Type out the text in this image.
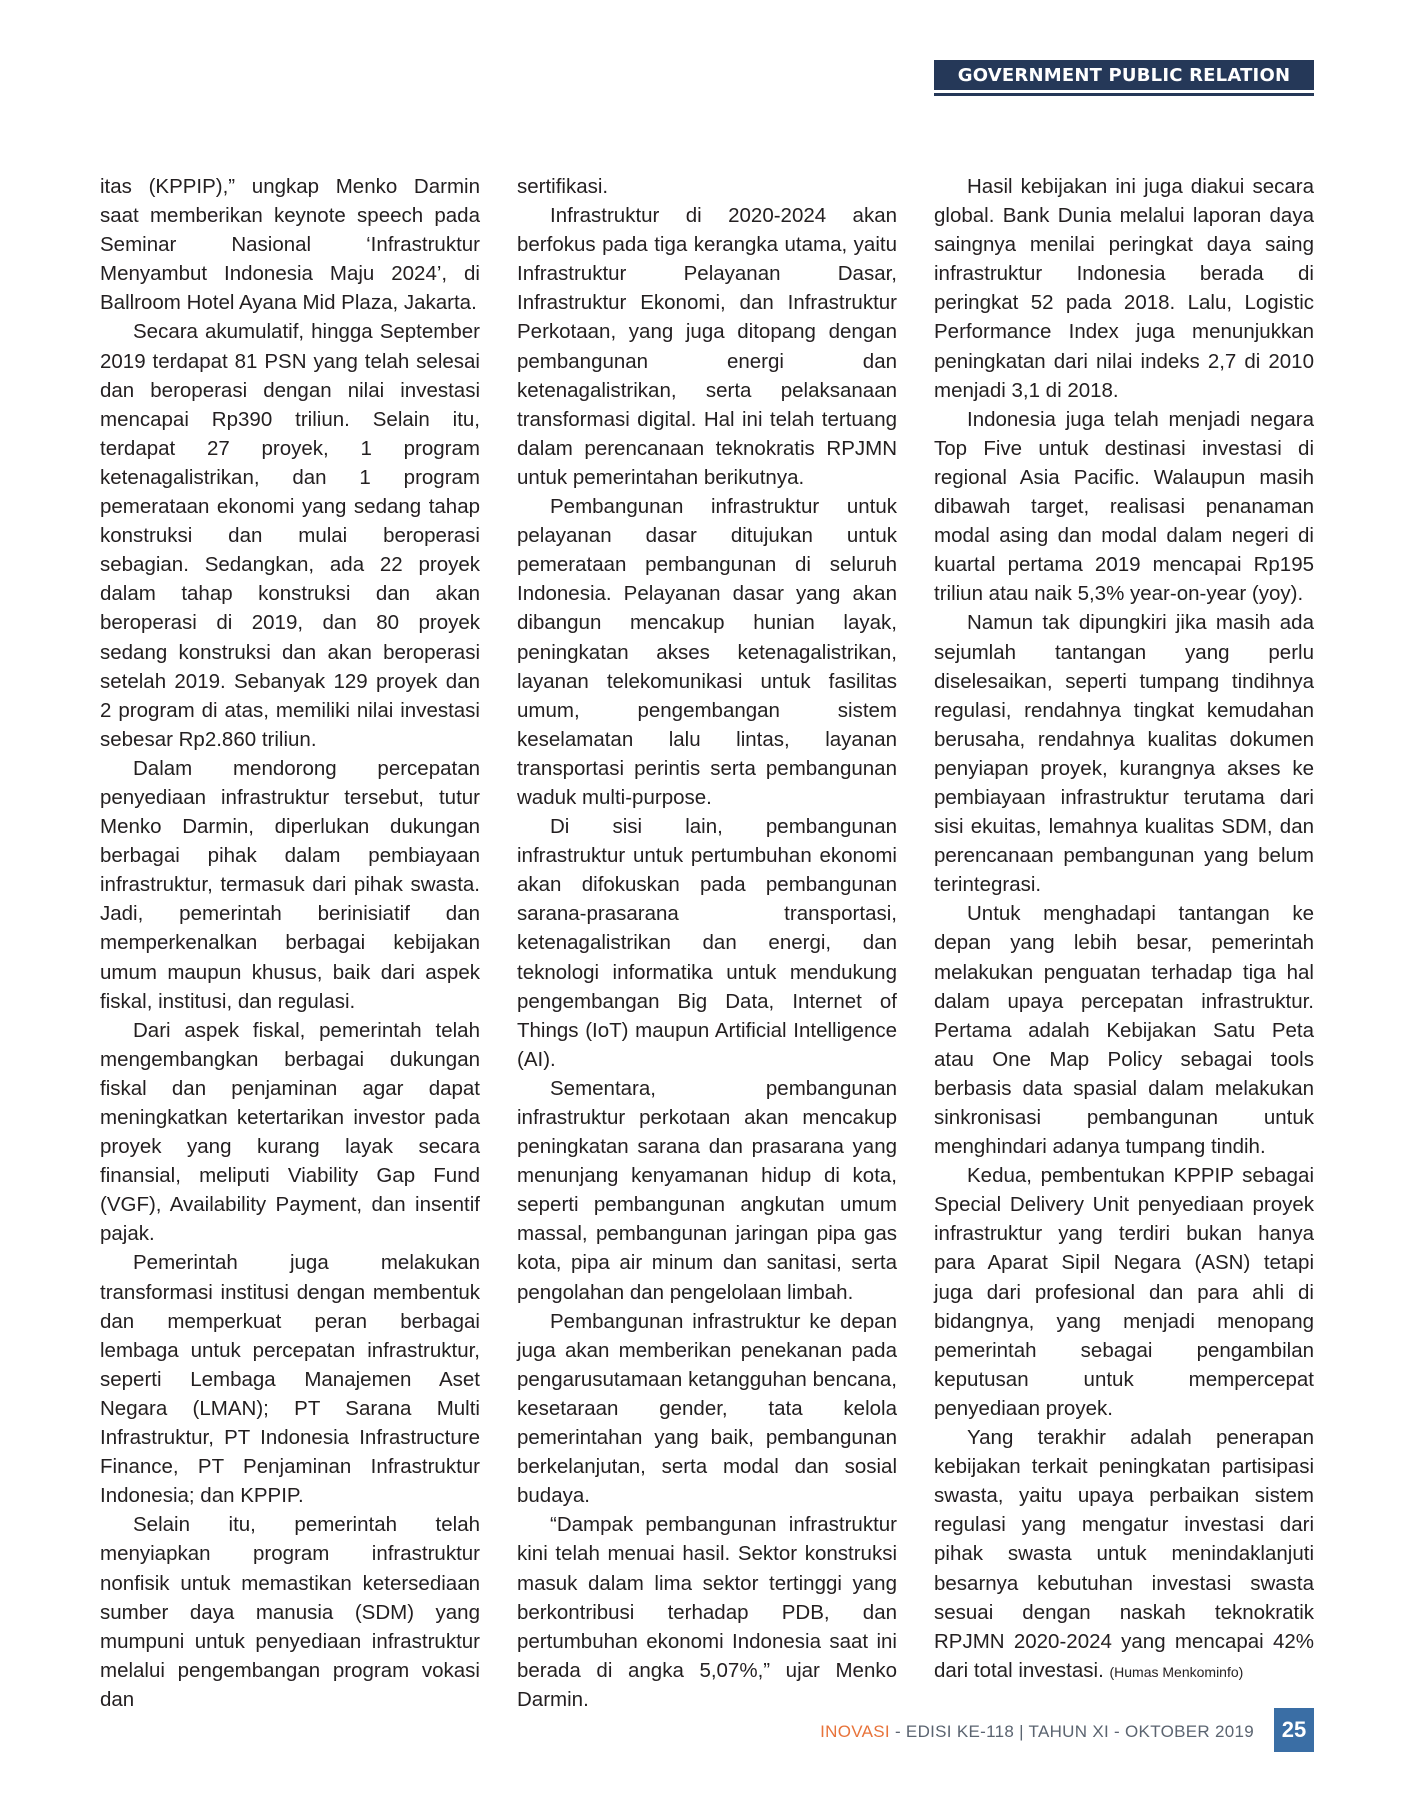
GOVERNMENT PUBLIC RELATION

itas (KPPIP),” ungkap Menko Darmin saat memberikan keynote speech pada Seminar Nasional ‘Infrastruktur Menyambut Indonesia Maju 2024’, di Ballroom Hotel Ayana Mid Plaza, Jakarta.

Secara akumulatif, hingga September 2019 terdapat 81 PSN yang telah selesai dan beroperasi dengan nilai investasi mencapai Rp390 triliun. Selain itu, terdapat 27 proyek, 1 program ketenagalistrikan, dan 1 program pemerataan ekonomi yang sedang tahap konstruksi dan mulai beroperasi sebagian. Sedangkan, ada 22 proyek dalam tahap konstruksi dan akan beroperasi di 2019, dan 80 proyek sedang konstruksi dan akan beroperasi setelah 2019. Sebanyak 129 proyek dan 2 program di atas, memiliki nilai investasi sebesar Rp2.860 triliun.

Dalam mendorong percepatan penyediaan infrastruktur tersebut, tutur Menko Darmin, diperlukan dukungan berbagai pihak dalam pembiayaan infrastruktur, termasuk dari pihak swasta. Jadi, pemerintah berinisiatif dan memperkenalkan berbagai kebijakan umum maupun khusus, baik dari aspek fiskal, institusi, dan regulasi.

Dari aspek fiskal, pemerintah telah mengembangkan berbagai dukungan fiskal dan penjaminan agar dapat meningkatkan ketertarikan investor pada proyek yang kurang layak secara finansial, meliputi Viability Gap Fund (VGF), Availability Payment, dan insentif pajak.

Pemerintah juga melakukan transformasi institusi dengan membentuk dan memperkuat peran berbagai lembaga untuk percepatan infrastruktur, seperti Lembaga Manajemen Aset Negara (LMAN); PT Sarana Multi Infrastruktur, PT Indonesia Infrastructure Finance, PT Penjaminan Infrastruktur Indonesia; dan KPPIP.

Selain itu, pemerintah telah menyiapkan program infrastruktur nonfisik untuk memastikan ketersediaan sumber daya manusia (SDM) yang mumpuni untuk penyediaan infrastruktur melalui pengembangan program vokasi dan

sertifikasi.

Infrastruktur di 2020-2024 akan berfokus pada tiga kerangka utama, yaitu Infrastruktur Pelayanan Dasar, Infrastruktur Ekonomi, dan Infrastruktur Perkotaan, yang juga ditopang dengan pembangunan energi dan ketenagalistrikan, serta pelaksanaan transformasi digital. Hal ini telah tertuang dalam perencanaan teknokratis RPJMN untuk pemerintahan berikutnya.

Pembangunan infrastruktur untuk pelayanan dasar ditujukan untuk pemerataan pembangunan di seluruh Indonesia. Pelayanan dasar yang akan dibangun mencakup hunian layak, peningkatan akses ketenagalistrikan, layanan telekomunikasi untuk fasilitas umum, pengembangan sistem keselamatan lalu lintas, layanan transportasi perintis serta pembangunan waduk multi-purpose.

Di sisi lain, pembangunan infrastruktur untuk pertumbuhan ekonomi akan difokuskan pada pembangunan sarana-prasarana transportasi, ketenagalistrikan dan energi, dan teknologi informatika untuk mendukung pengembangan Big Data, Internet of Things (IoT) maupun Artificial Intelligence (AI).

Sementara, pembangunan infrastruktur perkotaan akan mencakup peningkatan sarana dan prasarana yang menunjang kenyamanan hidup di kota, seperti pembangunan angkutan umum massal, pembangunan jaringan pipa gas kota, pipa air minum dan sanitasi, serta pengolahan dan pengelolaan limbah.

Pembangunan infrastruktur ke depan juga akan memberikan penekanan pada pengarusutamaan ketangguhan bencana, kesetaraan gender, tata kelola pemerintahan yang baik, pembangunan berkelanjutan, serta modal dan sosial budaya.

“Dampak pembangunan infrastruktur kini telah menuai hasil. Sektor konstruksi masuk dalam lima sektor tertinggi yang berkontribusi terhadap PDB, dan pertumbuhan ekonomi Indonesia saat ini berada di angka 5,07%,” ujar Menko Darmin.

Hasil kebijakan ini juga diakui secara global. Bank Dunia melalui laporan daya saingnya menilai peringkat daya saing infrastruktur Indonesia berada di peringkat 52 pada 2018. Lalu, Logistic Performance Index juga menunjukkan peningkatan dari nilai indeks 2,7 di 2010 menjadi 3,1 di 2018.

Indonesia juga telah menjadi negara Top Five untuk destinasi investasi di regional Asia Pacific. Walaupun masih dibawah target, realisasi penanaman modal asing dan modal dalam negeri di kuartal pertama 2019 mencapai Rp195 triliun atau naik 5,3% year-on-year (yoy).

Namun tak dipungkiri jika masih ada sejumlah tantangan yang perlu diselesaikan, seperti tumpang tindihnya regulasi, rendahnya tingkat kemudahan berusaha, rendahnya kualitas dokumen penyiapan proyek, kurangnya akses ke pembiayaan infrastruktur terutama dari sisi ekuitas, lemahnya kualitas SDM, dan perencanaan pembangunan yang belum terintegrasi.

Untuk menghadapi tantangan ke depan yang lebih besar, pemerintah melakukan penguatan terhadap tiga hal dalam upaya percepatan infrastruktur. Pertama adalah Kebijakan Satu Peta atau One Map Policy sebagai tools berbasis data spasial dalam melakukan sinkronisasi pembangunan untuk menghindari adanya tumpang tindih.

Kedua, pembentukan KPPIP sebagai Special Delivery Unit penyediaan proyek infrastruktur yang terdiri bukan hanya para Aparat Sipil Negara (ASN) tetapi juga dari profesional dan para ahli di bidangnya, yang menjadi menopang pemerintah sebagai pengambilan keputusan untuk mempercepat penyediaan proyek.

Yang terakhir adalah penerapan kebijakan terkait peningkatan partisipasi swasta, yaitu upaya perbaikan sistem regulasi yang mengatur investasi dari pihak swasta untuk menindaklanjuti besarnya kebutuhan investasi swasta sesuai dengan naskah teknokratik RPJMN 2020-2024 yang mencapai 42% dari total investasi. (Humas Menkominfo)

INOVASI - EDISI KE-118 | TAHUN XI - OKTOBER 2019 25
